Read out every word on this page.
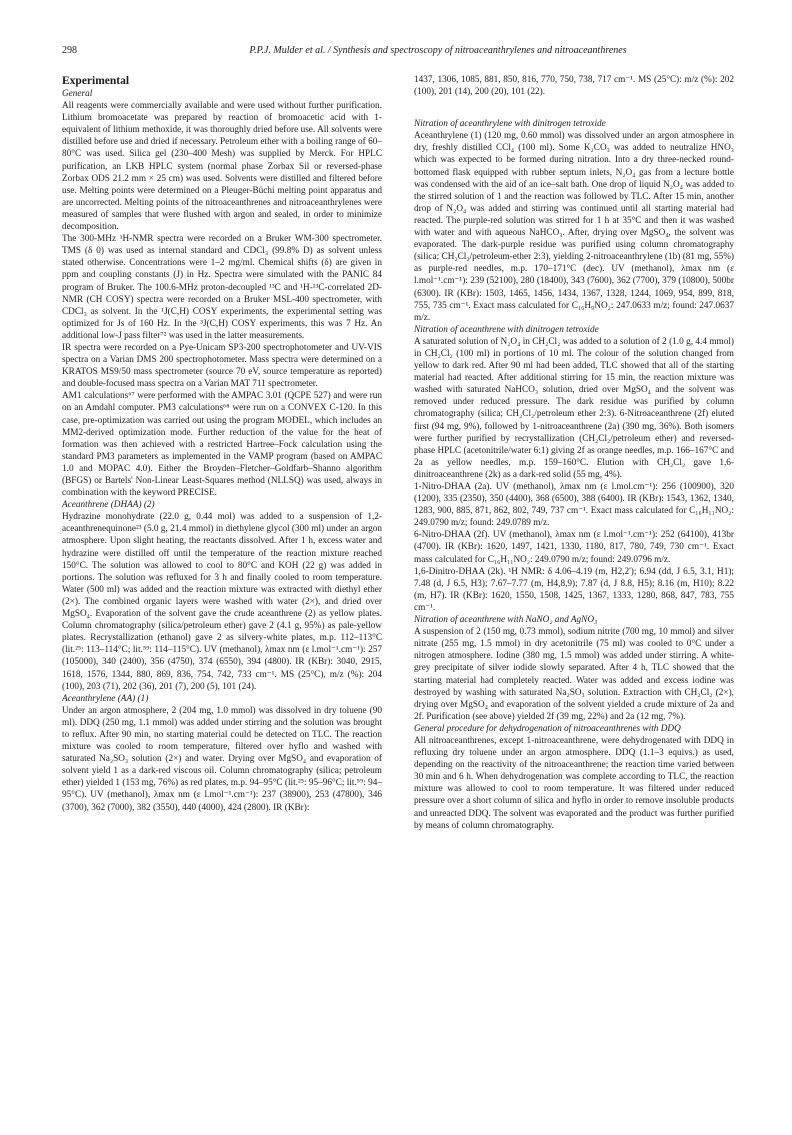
298	P.P.J. Mulder et al. / Synthesis and spectroscopy of nitroaceanthrylenes and nitroaceanthrenes

Experimental

General

All reagents were commercially available and were used without further purification. Lithium bromoacetate was prepared by reaction of bromoacetic acid with 1-equivalent of lithium methoxide, it was thoroughly dried before use. All solvents were distilled before use and dried if necessary. Petroleum ether with a boiling range of 60–80°C was used. Silica gel (230–400 Mesh) was supplied by Merck. For HPLC purification, an LKB HPLC system (normal phase Zorbax Sil or reversed-phase Zorbax ODS 21.2 mm × 25 cm) was used. Solvents were distilled and filtered before use. Melting points were determined on a Pleuger-Büchi melting point apparatus and are uncorrected. Melting points of the nitroaceanthrenes and nitroaceanthrylenes were measured of samples that were flushed with argon and sealed, in order to minimize decomposition.

The 300-MHz ¹H-NMR spectra were recorded on a Bruker WM-300 spectrometer. TMS (δ 0) was used as internal standard and CDCl₃ (99.8% D) as solvent unless stated otherwise. Concentrations were 1–2 mg/ml. Chemical shifts (δ) are given in ppm and coupling constants (J) in Hz. Spectra were simulated with the PANIC 84 program of Bruker. The 100.6-MHz proton-decoupled ¹³C and ¹H-¹³C-correlated 2D-NMR (CH COSY) spectra were recorded on a Bruker MSL-400 spectrometer, with CDCl₃ as solvent. In the ¹J(C,H) COSY experiments, the experimental setting was optimized for Js of 160 Hz. In the ³J(C,H) COSY experiments, this was 7 Hz. An additional low-J pass filter⁷² was used in the latter measurements.

IR spectra were recorded on a Pye-Unicam SP3-200 spectrophotometer and UV-VIS spectra on a Varian DMS 200 spectrophotometer. Mass spectra were determined on a KRATOS MS9/50 mass spectrometer (source 70 eV, source temperature as reported) and double-focused mass spectra on a Varian MAT 711 spectrometer.

AM1 calculations⁶⁷ were performed with the AMPAC 3.01 (QCPE 527) and were run on an Amdahl computer. PM3 calculations⁶⁸ were run on a CONVEX C-120. In this case, pre-optimization was carried out using the program MODEL, which includes an MM2-derived optimization mode. Further reduction of the value for the heat of formation was then achieved with a restricted Hartree–Fock calculation using the standard PM3 parameters as implemented in the VAMP program (based on AMPAC 1.0 and MOPAC 4.0). Either the Broyden–Fletcher–Goldfarb–Shanno algorithm (BFGS) or Bartels' Non-Linear Least-Squares method (NLLSQ) was used, always in combination with the keyword PRECISE.

Aceanthrene (DHAA) (2)

Hydrazine monohydrate (22.0 g, 0.44 mol) was added to a suspension of 1,2-aceanthrenequinone²³ (5.0 g, 21.4 mmol) in diethylene glycol (300 ml) under an argon atmosphere. Upon slight heating, the reactants dissolved. After 1 h, excess water and hydrazine were distilled off until the temperature of the reaction mixture reached 150°C. The solution was allowed to cool to 80°C and KOH (22 g) was added in portions. The solution was refluxed for 3 h and finally cooled to room temperature. Water (500 ml) was added and the reaction mixture was extracted with diethyl ether (2×). The combined organic layers were washed with water (2×), and dried over MgSO₄. Evaporation of the solvent gave the crude aceanthrene (2) as yellow plates. Column chromatography (silica/petroleum ether) gave 2 (4.1 g, 95%) as pale-yellow plates. Recrystallization (ethanol) gave 2 as silvery-white plates, m.p. 112–113°C (lit.²⁵: 113–114°C; lit.⁵⁹: 114–115°C). UV (methanol), λmax nm (ε l.mol⁻¹.cm⁻¹): 257 (105000), 340 (2400), 356 (4750), 374 (6550), 394 (4800). IR (KBr): 3040, 2915, 1618, 1576, 1344, 880, 869, 836, 754, 742, 733 cm⁻¹. MS (25°C), m/z (%): 204 (100), 203 (71), 202 (36), 201 (7), 200 (5), 101 (24).

Aceanthrylene (AA) (1)

Under an argon atmosphere, 2 (204 mg, 1.0 mmol) was dissolved in dry toluene (90 ml). DDQ (250 mg, 1.1 mmol) was added under stirring and the solution was brought to reflux. After 90 min, no starting material could be detected on TLC. The reaction mixture was cooled to room temperature, filtered over hyflo and washed with saturated Na₂SO₃ solution (2×) and water. Drying over MgSO₄ and evaporation of solvent yield 1 as a dark-red viscous oil. Column chromatography (silica; petroleum ether) yielded 1 (153 mg, 76%) as red plates, m.p. 94–95°C (lit.²⁵: 95–96°C; lit.⁵⁹: 94–95°C). UV (methanol), λmax nm (ε l.mol⁻¹.cm⁻¹): 237 (38900), 253 (47800), 346 (3700), 362 (7000), 382 (3550), 440 (4000), 424 (2800). IR (KBr):

1437, 1306, 1085, 881, 850, 816, 770, 750, 738, 717 cm⁻¹. MS (25°C): m/z (%): 202 (100), 201 (14), 200 (20), 101 (22).

Nitration of aceanthrylene with dinitrogen tetroxide

Aceanthrylene (1) (120 mg, 0.60 mmol) was dissolved under an argon atmosphere in dry, freshly distilled CCl₄ (100 ml). Some K₂CO₃ was added to neutralize HNO₃ which was expected to be formed during nitration. Into a dry three-necked round-bottomed flask equipped with rubber septum inlets, N₂O₄ gas from a lecture bottle was condensed with the aid of an ice–salt bath. One drop of liquid N₂O₄ was added to the stirred solution of 1 and the reaction was followed by TLC. After 15 min, another drop of N₂O₄ was added and stirring was continued until all starting material had reacted. The purple-red solution was stirred for 1 h at 35°C and then it was washed with water and with aqueous NaHCO₃. After, drying over MgSO₄, the solvent was evaporated. The dark-purple residue was purified using column chromatography (silica; CH₂Cl₂/petroleum-ether 2:3), yielding 2-nitroaceanthrylene (1b) (81 mg, 55%) as purple-red needles, m.p. 170–171°C (dec). UV (methanol), λmax nm (ε l.mol⁻¹.cm⁻¹): 239 (52100), 280 (18400), 343 (7600), 362 (7700), 379 (10800), 500br (6300). IR (KBr): 1503, 1465, 1456, 1434, 1367, 1328, 1244, 1069, 954, 899, 818, 755, 735 cm⁻¹. Exact mass calculated for C₁₆H₉NO₂: 247.0633 m/z; found: 247.0637 m/z.

Nitration of aceanthrene with dinitrogen tetroxide

A saturated solution of N₂O₄ in CH₂Cl₂ was added to a solution of 2 (1.0 g, 4.4 mmol) in CH₂Cl₂ (100 ml) in portions of 10 ml. The colour of the solution changed from yellow to dark red. After 90 ml had been added, TLC showed that all of the starting material had reacted. After additional stirring for 15 min, the reaction mixture was washed with saturated NaHCO₃ solution, dried over MgSO₄ and the solvent was removed under reduced pressure. The dark residue was purified by column chromatography (silica; CH₂Cl₂/petroleum ether 2:3). 6-Nitroaceanthrene (2f) eluted first (94 mg, 9%), followed by 1-nitroaceanthrene (2a) (390 mg, 36%). Both isomers were further purified by recrystallization (CH₂Cl₂/petroleum ether) and reversed-phase HPLC (acetonitrile/water 6:1) giving 2f as orange needles, m.p. 166–167°C and 2a as yellow needles, m.p. 159–160°C. Elution with CH₂Cl₂ gave 1,6-dinitroaceanthrene (2k) as a dark-red solid (55 mg, 4%).

1-Nitro-DHAA (2a). UV (methanol), λmax nm (ε l.mol.cm⁻¹): 256 (100900), 320 (1200), 335 (2350), 350 (4400), 368 (6500), 388 (6400). IR (KBr): 1543, 1362, 1340, 1283, 900, 885, 871, 862, 802, 749, 737 cm⁻¹. Exact mass calculated for C₁₆H₁₁NO₂: 249.0790 m/z; found: 249.0789 m/z.

6-Nitro-DHAA (2f). UV (methanol), λmax nm (ε l.mol⁻¹.cm⁻¹): 252 (64100), 413br (4700). IR (KBr): 1620, 1497, 1421, 1330, 1180, 817, 780, 749, 730 cm⁻¹. Exact mass calculated for C₁₆H₁₁NO₂: 249.0790 m/z; found: 249.0796 m/z.

1,6-Dinitro-DHAA (2k). ¹H NMR: δ 4.06–4.19 (m, H2,2'); 6.94 (dd, J 6.5, 3.1, H1); 7.48 (d, J 6.5, H3); 7.67–7.77 (m, H4,8,9); 7.87 (d, J 8.8, H5); 8.16 (m, H10); 8.22 (m, H7). IR (KBr): 1620, 1550, 1508, 1425, 1367, 1333, 1280, 868, 847, 783, 755 cm⁻¹.

Nitration of aceanthrene with NaNO₂ and AgNO₃

A suspension of 2 (150 mg, 0.73 mmol), sodium nitrite (700 mg, 10 mmol) and silver nitrate (255 mg, 1.5 mmol) in dry acetonitrile (75 ml) was cooled to 0°C under a nitrogen atmosphere. Iodine (380 mg, 1.5 mmol) was added under stirring. A white-grey precipitate of silver iodide slowly separated. After 4 h, TLC showed that the starting material had completely reacted. Water was added and excess iodine was destroyed by washing with saturated Na₂SO₃ solution. Extraction with CH₂Cl₂ (2×), drying over MgSO₄ and evaporation of the solvent yielded a crude mixture of 2a and 2f. Purification (see above) yielded 2f (39 mg, 22%) and 2a (12 mg, 7%).

General procedure for dehydrogenation of nitroaceanthrenes with DDQ

All nitroaceanthrenes, except 1-nitroaceanthrene, were dehydrogenated with DDQ in refluxing dry toluene under an argon atmosphere. DDQ (1.1–3 equivs.) as used, depending on the reactivity of the nitroaceanthrene; the reaction time varied between 30 min and 6 h. When dehydrogenation was complete according to TLC, the reaction mixture was allowed to cool to room temperature. It was filtered under reduced pressure over a short column of silica and hyflo in order to remove insoluble products and unreacted DDQ. The solvent was evaporated and the product was further purified by means of column chromatography.
